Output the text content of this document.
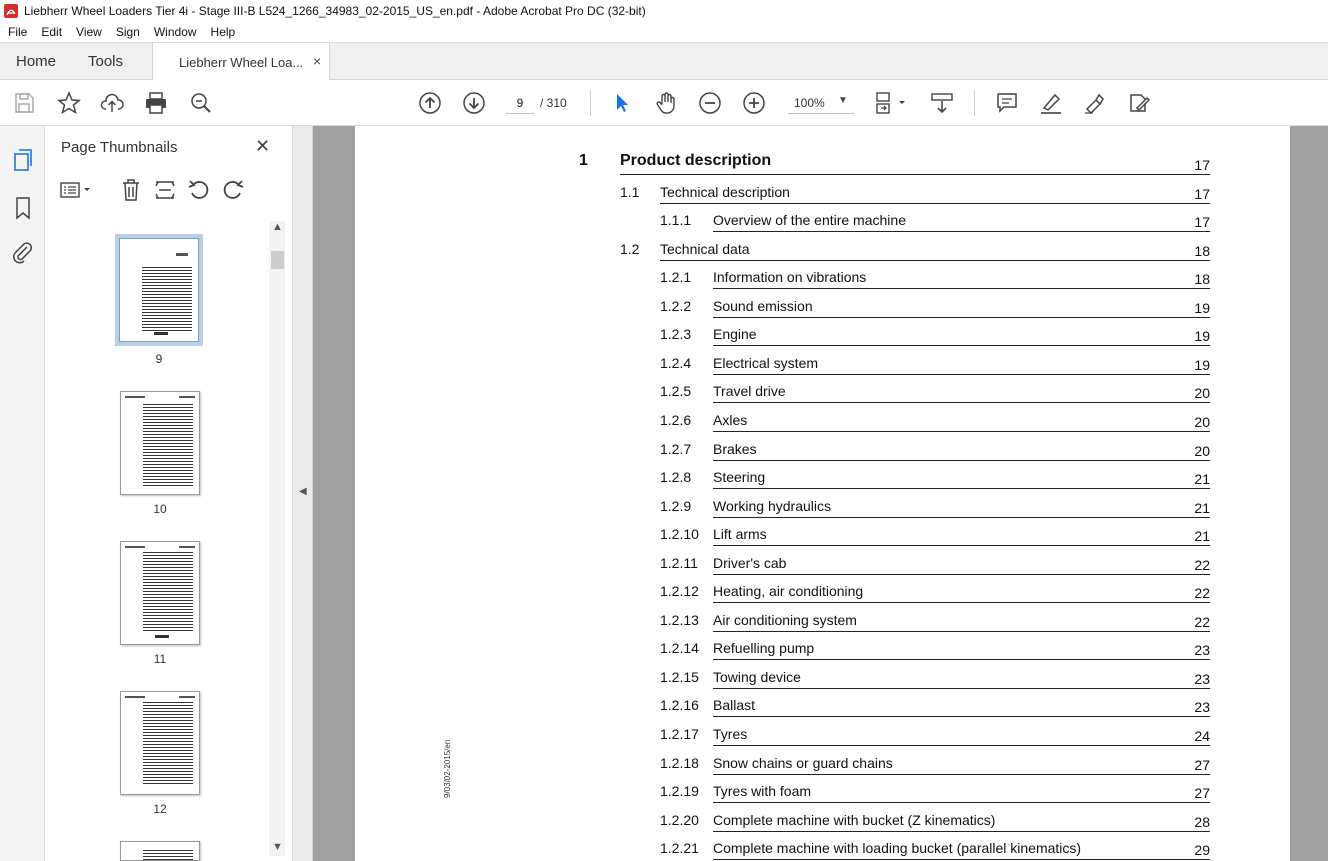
Liebherr Wheel Loaders Tier 4i - Stage III-B L524_1266_34983_02-2015_US_en.pdf - Adobe Acrobat Pro DC (32-bit)
File	Edit	View	Sign	Window	Help
Home Tools	Liebherr Wheel Loa... ×
9
/ 310	100% ▼
Page Thumbnails	✕
9
10
11
12
▲
▼
◀
9/03/02-2015/en
1 Product description	17
1.1 Technical description	17
1.1.1 Overview of the entire machine	17
1.2 Technical data	18
1.2.1 Information on vibrations	18
1.2.2 Sound emission	19
1.2.3 Engine	19
1.2.4 Electrical system	19
1.2.5 Travel drive	20
1.2.6 Axles	20
1.2.7 Brakes	20
1.2.8 Steering	21
1.2.9 Working hydraulics	21
1.2.10 Lift arms	21
1.2.11 Driver's cab	22
1.2.12 Heating, air conditioning	22
1.2.13 Air conditioning system	22
1.2.14 Refuelling pump	23
1.2.15 Towing device	23
1.2.16 Ballast	23
1.2.17 Tyres	24
1.2.18 Snow chains or guard chains	27
1.2.19 Tyres with foam	27
1.2.20 Complete machine with bucket (Z kinematics)	28
1.2.21 Complete machine with loading bucket (parallel kinematics)	29
